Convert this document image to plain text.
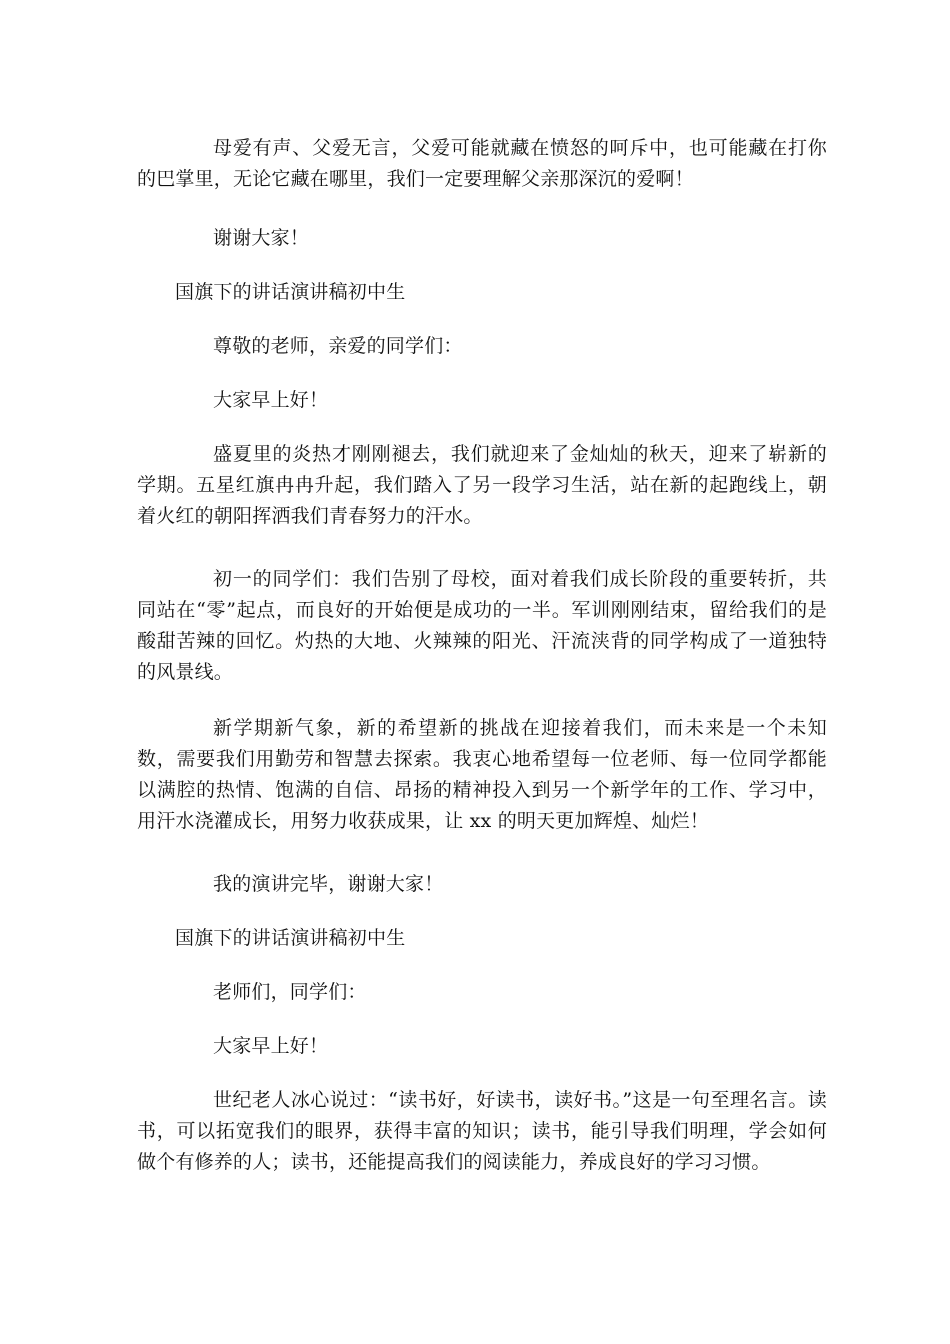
母爱有声、父爱无言，父爱可能就藏在愤怒的呵斥中，也可能藏在打你的巴掌里，无论它藏在哪里，我们一定要理解父亲那深沉的爱啊！

谢谢大家！

国旗下的讲话演讲稿初中生

尊敬的老师，亲爱的同学们：

大家早上好！

盛夏里的炎热才刚刚褪去，我们就迎来了金灿灿的秋天，迎来了崭新的学期。五星红旗冉冉升起，我们踏入了另一段学习生活，站在新的起跑线上，朝着火红的朝阳挥洒我们青春努力的汗水。

初一的同学们：我们告别了母校，面对着我们成长阶段的重要转折，共同站在“零”起点，而良好的开始便是成功的一半。军训刚刚结束，留给我们的是酸甜苦辣的回忆。灼热的大地、火辣辣的阳光、汗流浃背的同学构成了一道独特的风景线。

新学期新气象，新的希望新的挑战在迎接着我们，而未来是一个未知数，需要我们用勤劳和智慧去探索。我衷心地希望每一位老师、每一位同学都能以满腔的热情、饱满的自信、昂扬的精神投入到另一个新学年的工作、学习中，用汗水浇灌成长，用努力收获成果，让 xx 的明天更加辉煌、灿烂！

我的演讲完毕，谢谢大家！

国旗下的讲话演讲稿初中生

老师们，同学们：

大家早上好！

世纪老人冰心说过：“读书好，好读书，读好书。”这是一句至理名言。读书，可以拓宽我们的眼界，获得丰富的知识；读书，能引导我们明理，学会如何做个有修养的人；读书，还能提高我们的阅读能力，养成良好的学习习惯。
